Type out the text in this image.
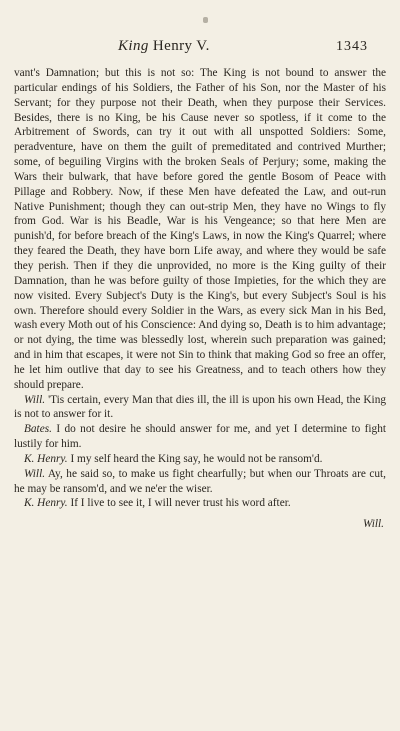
King Henry V.	1343

vant's Damnation; but this is not so: The King is not bound to answer the particular endings of his Soldiers, the Father of his Son, nor the Master of his Servant; for they purpose not their Death, when they purpose their Services. Besides, there is no King, be his Cause never so spotless, if it come to the Arbitrement of Swords, can try it out with all unspotted Soldiers: Some, peradventure, have on them the guilt of premeditated and contrived Murther; some, of beguiling Virgins with the broken Seals of Perjury; some, making the Wars their bulwark, that have before gored the gentle Bosom of Peace with Pillage and Robbery. Now, if these Men have defeated the Law, and out-run Native Punishment; though they can out-strip Men, they have no Wings to fly from God. War is his Beadle, War is his Vengeance; so that here Men are punish'd, for before breach of the King's Laws, in now the King's Quarrel; where they feared the Death, they have born Life away, and where they would be safe they perish. Then if they die unprovided, no more is the King guilty of their Damnation, than he was before guilty of those Impieties, for the which they are now visited. Every Subject's Duty is the King's, but every Subject's Soul is his own. Therefore should every Soldier in the Wars, as every sick Man in his Bed, wash every Moth out of his Conscience: And dying so, Death is to him advantage; or not dying, the time was blessedly lost, wherein such preparation was gained; and in him that escapes, it were not Sin to think that making God so free an offer, he let him outlive that day to see his Greatness, and to teach others how they should prepare.

Will. 'Tis certain, every Man that dies ill, the ill is upon his own Head, the King is not to answer for it.

Bates. I do not desire he should answer for me, and yet I determine to fight lustily for him.

K. Henry. I my self heard the King say, he would not be ransom'd.

Will. Ay, he said so, to make us fight chearfully; but when our Throats are cut, he may be ransom'd, and we ne'er the wiser.

K. Henry. If I live to see it, I will never trust his word after.

Will.
